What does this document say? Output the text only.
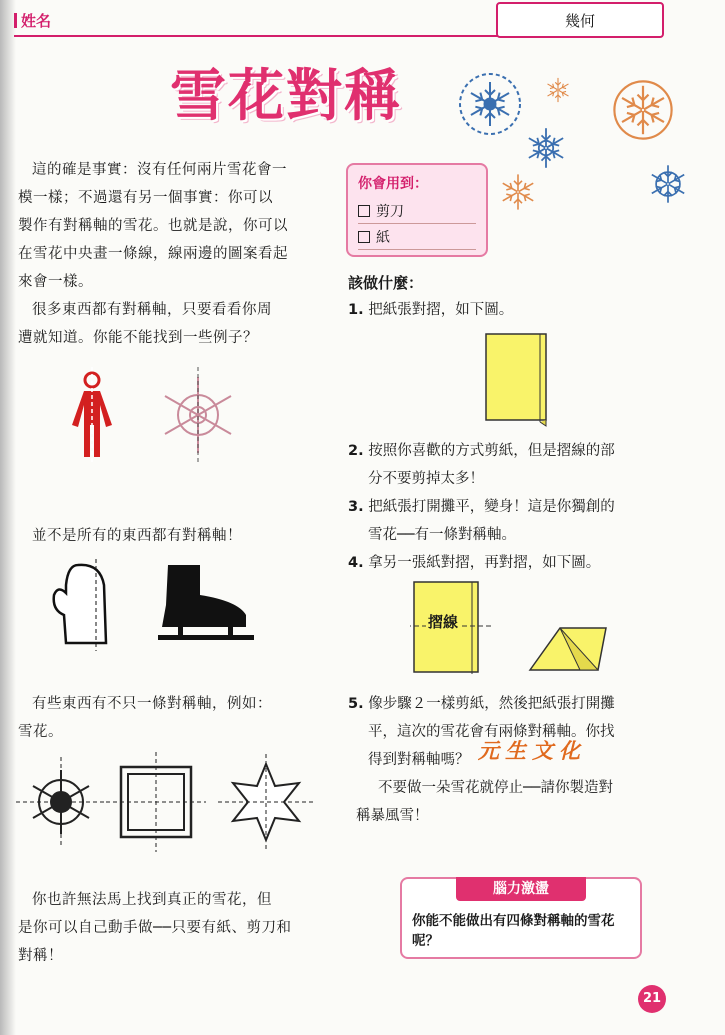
姓名	幾何
雪花對稱
這的確是事實：沒有任何兩片雪花會一
模一樣；不過還有另一個事實：你可以
製作有對稱軸的雪花。也就是說，你可以
在雪花中央畫一條線，線兩邊的圖案看起
來會一樣。
很多東西都有對稱軸，只要看看你周
遭就知道。你能不能找到一些例子？
並不是所有的東西都有對稱軸！
有些東西有不只一條對稱軸，例如：
雪花。
你也許無法馬上找到真正的雪花，但
是你可以自己動手做──只要有紙、剪刀和
對稱！
你會用到：
剪刀
紙
該做什麼：
1. 把紙張對摺，如下圖。
2. 按照你喜歡的方式剪紙，但是摺線的部
分不要剪掉太多！
3. 把紙張打開攤平，變身！這是你獨創的
雪花──有一條對稱軸。
4. 拿另一張紙對摺，再對摺，如下圖。
摺線
5. 像步驟２一樣剪紙，然後把紙張打開攤
平，這次的雪花會有兩條對稱軸。你找
得到對稱軸嗎？ 元生文化
不要做一朵雪花就停止──請你製造對
稱暴風雪！
腦力激盪
你能不能做出有四條對稱軸的雪花呢？
21
